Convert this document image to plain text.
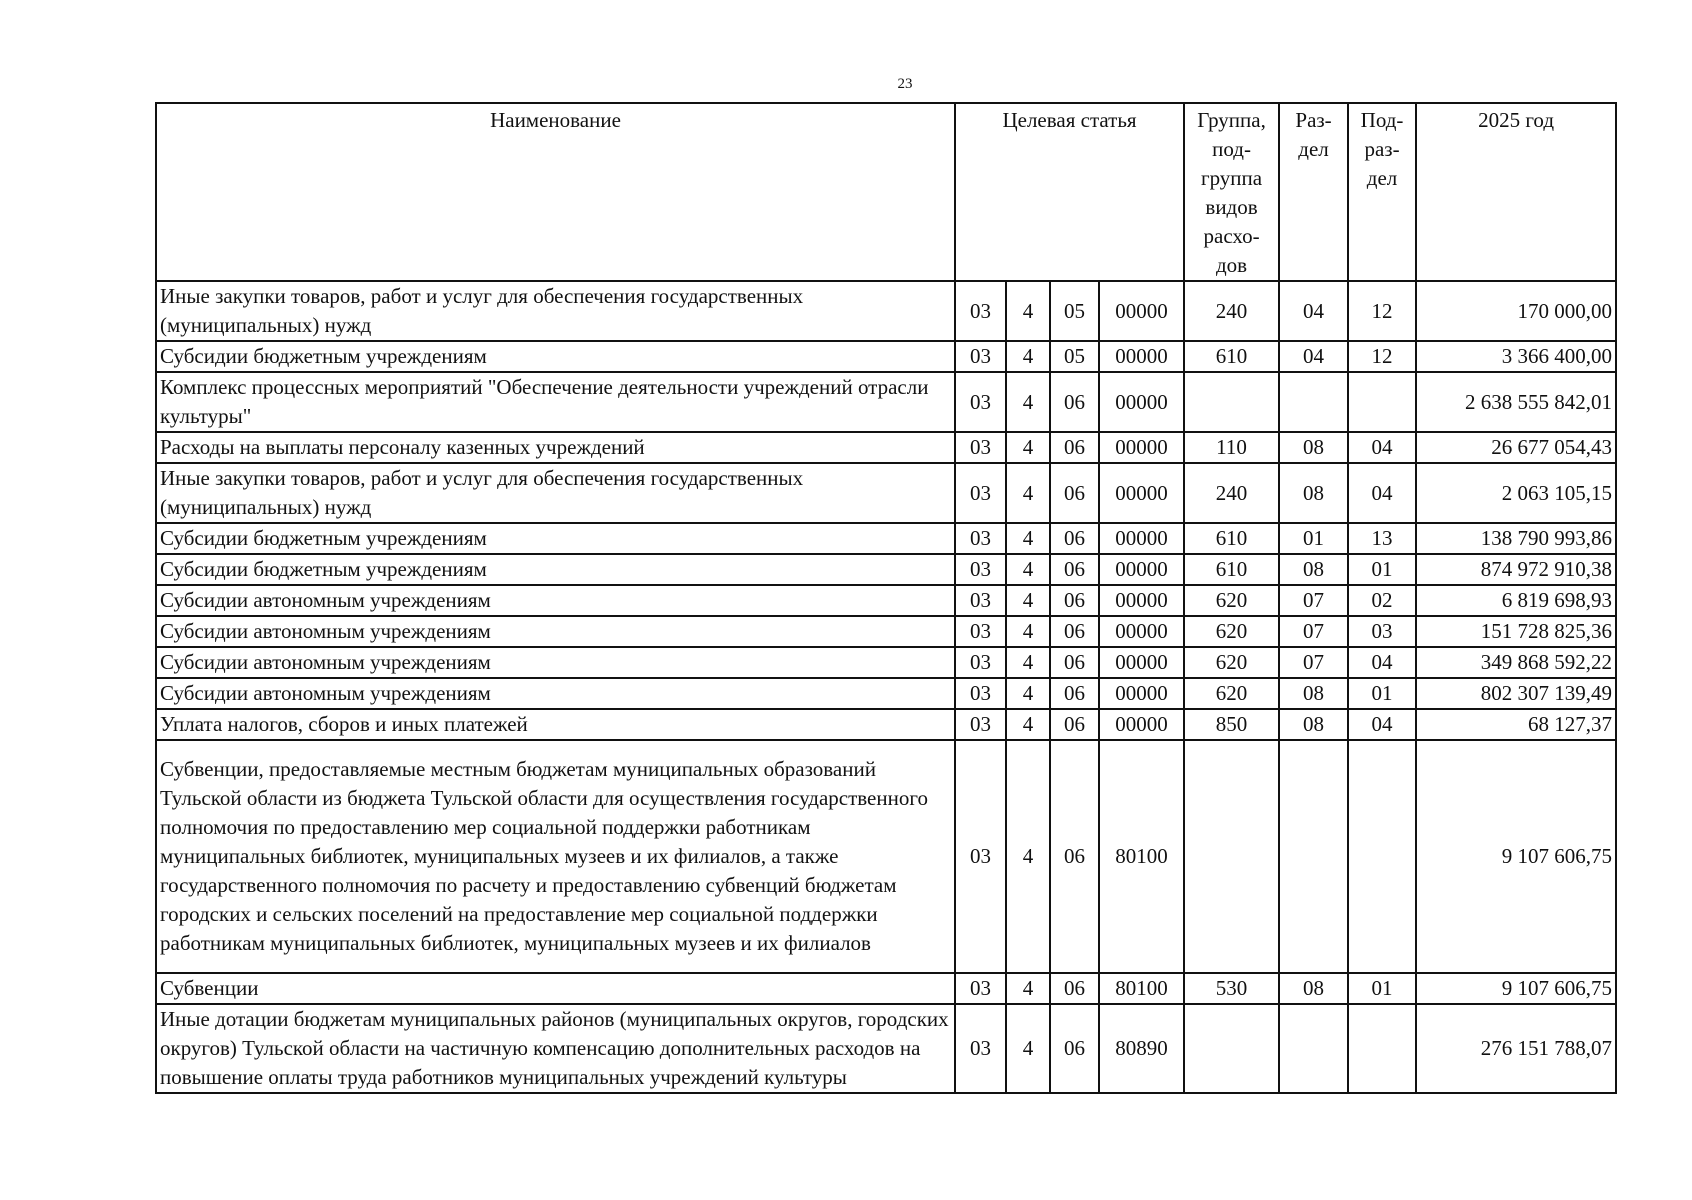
23
Наименование	Целевая статья				Группа, под-группа видов расхо-дов	Раз-дел	Под-раз-дел	2025 год
Иные закупки товаров, работ и услуг для обеспечения государственных (муниципальных) нужд	03	4	05	00000	240	04	12	170 000,00
Субсидии бюджетным учреждениям	03	4	05	00000	610	04	12	3 366 400,00
Комплекс процессных мероприятий "Обеспечение деятельности учреждений отрасли культуры"	03	4	06	00000				2 638 555 842,01
Расходы на выплаты персоналу казенных учреждений	03	4	06	00000	110	08	04	26 677 054,43
Иные закупки товаров, работ и услуг для обеспечения государственных (муниципальных) нужд	03	4	06	00000	240	08	04	2 063 105,15
Субсидии бюджетным учреждениям	03	4	06	00000	610	01	13	138 790 993,86
Субсидии бюджетным учреждениям	03	4	06	00000	610	08	01	874 972 910,38
Субсидии автономным учреждениям	03	4	06	00000	620	07	02	6 819 698,93
Субсидии автономным учреждениям	03	4	06	00000	620	07	03	151 728 825,36
Субсидии автономным учреждениям	03	4	06	00000	620	07	04	349 868 592,22
Субсидии автономным учреждениям	03	4	06	00000	620	08	01	802 307 139,49
Уплата налогов, сборов и иных платежей	03	4	06	00000	850	08	04	68 127,37
Субвенции, предоставляемые местным бюджетам муниципальных образований Тульской области из бюджета Тульской области для осуществления государственного полномочия по предоставлению мер социальной поддержки работникам муниципальных библиотек, муниципальных музеев и их филиалов, а также государственного полномочия по расчету и предоставлению субвенций бюджетам городских и сельских поселений на предоставление мер социальной поддержки работникам муниципальных библиотек, муниципальных музеев и их филиалов	03	4	06	80100				9 107 606,75
Субвенции	03	4	06	80100	530	08	01	9 107 606,75
Иные дотации бюджетам муниципальных районов (муниципальных округов, городских округов) Тульской области на частичную компенсацию дополнительных расходов на повышение оплаты труда работников муниципальных учреждений культуры	03	4	06	80890				276 151 788,07
